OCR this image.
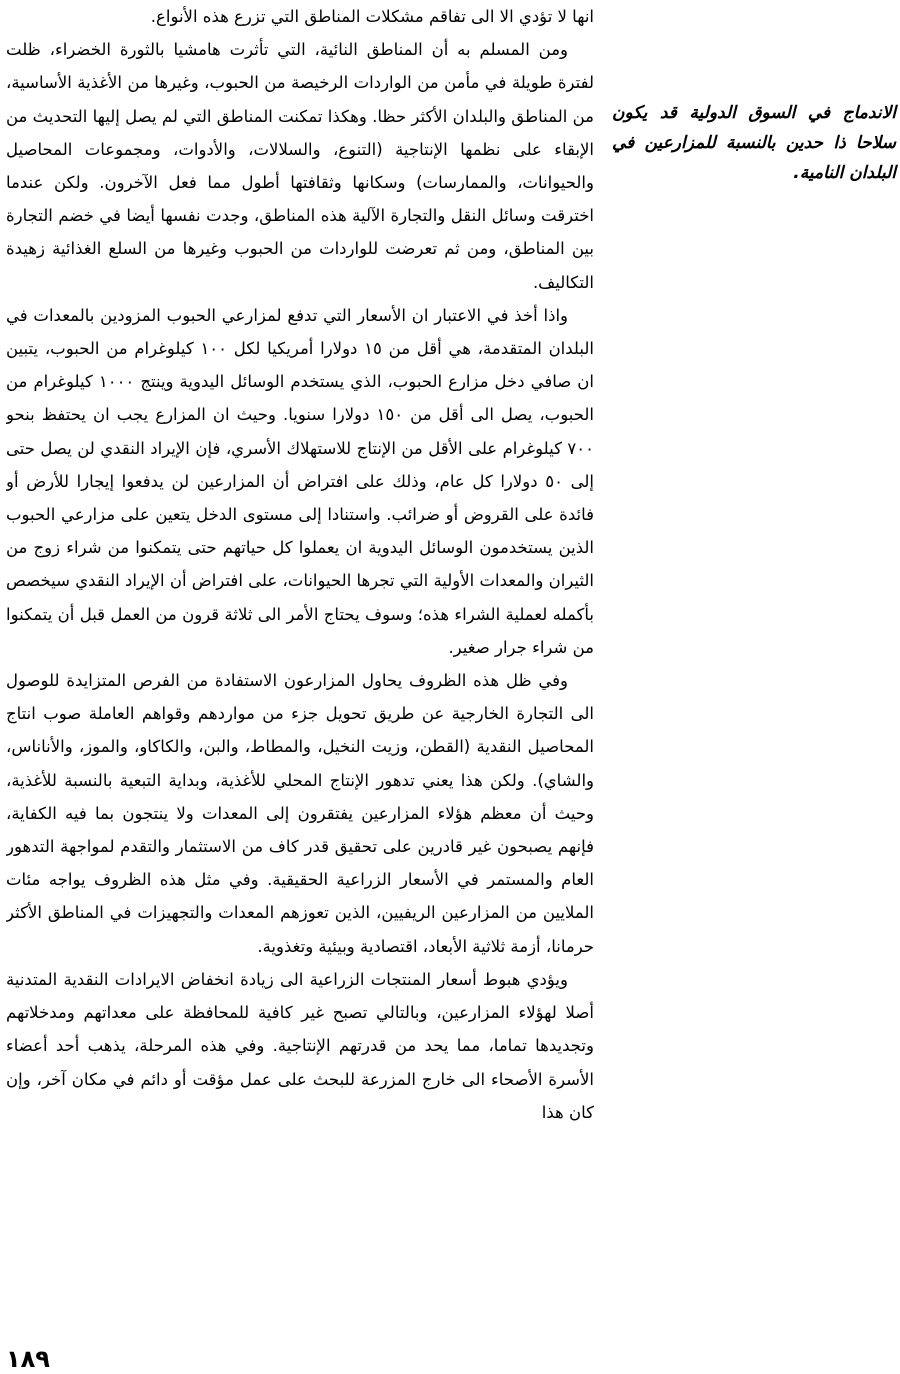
انها لا تؤدي الا الى تفاقم مشكلات المناطق التي تزرع هذه الأنواع.

ومن المسلم به أن المناطق النائية، التي تأثرت هامشيا بالثورة الخضراء، ظلت لفترة طويلة في مأمن من الواردات الرخيصة من الحبوب، وغيرها من الأغذية الأساسية، من المناطق والبلدان الأكثر حظا. وهكذا تمكنت المناطق التي لم يصل إليها التحديث من الإبقاء على نظمها الإنتاجية (التنوع، والسلالات، والأدوات، ومجموعات المحاصيل والحيوانات، والممارسات) وسكانها وثقافتها أطول مما فعل الآخرون. ولكن عندما اخترقت وسائل النقل والتجارة الآلية هذه المناطق، وجدت نفسها أيضا في خضم التجارة بين المناطق، ومن ثم تعرضت للواردات من الحبوب وغيرها من السلع الغذائية زهيدة التكاليف.

واذا أخذ في الاعتبار ان الأسعار التي تدفع لمزارعي الحبوب المزودين بالمعدات في البلدان المتقدمة، هي أقل من ١٥ دولارا أمريكيا لكل ١٠٠ كيلوغرام من الحبوب، يتبين ان صافي دخل مزارع الحبوب، الذي يستخدم الوسائل اليدوية وينتج ١٠٠٠ كيلوغرام من الحبوب، يصل الى أقل من ١٥٠ دولارا سنويا. وحيث ان المزارع يجب ان يحتفظ بنحو ٧٠٠ كيلوغرام على الأقل من الإنتاج للاستهلاك الأسري، فإن الإيراد النقدي لن يصل حتى إلى ٥٠ دولارا كل عام، وذلك على افتراض أن المزارعين لن يدفعوا إيجارا للأرض أو فائدة على القروض أو ضرائب. واستنادا إلى مستوى الدخل يتعين على مزارعي الحبوب الذين يستخدمون الوسائل اليدوية ان يعملوا كل حياتهم حتى يتمكنوا من شراء زوج من الثيران والمعدات الأولية التي تجرها الحيوانات، على افتراض أن الإيراد النقدي سيخصص بأكمله لعملية الشراء هذه؛ وسوف يحتاج الأمر الى ثلاثة قرون من العمل قبل أن يتمكنوا من شراء جرار صغير.

وفي ظل هذه الظروف يحاول المزارعون الاستفادة من الفرص المتزايدة للوصول الى التجارة الخارجية عن طريق تحويل جزء من مواردهم وقواهم العاملة صوب انتاج المحاصيل النقدية (القطن، وزيت النخيل، والمطاط، والبن، والكاكاو، والموز، والأناناس، والشاي). ولكن هذا يعني تدهور الإنتاج المحلي للأغذية، وبداية التبعية بالنسبة للأغذية، وحيث أن معظم هؤلاء المزارعين يفتقرون إلى المعدات ولا ينتجون بما فيه الكفاية، فإنهم يصبحون غير قادرين على تحقيق قدر كاف من الاستثمار والتقدم لمواجهة التدهور العام والمستمر في الأسعار الزراعية الحقيقية. وفي مثل هذه الظروف يواجه مئات الملايين من المزارعين الريفيين، الذين تعوزهم المعدات والتجهيزات في المناطق الأكثر حرمانا، أزمة ثلاثية الأبعاد، اقتصادية وبيئية وتغذوية.

ويؤدي هبوط أسعار المنتجات الزراعية الى زيادة انخفاض الايرادات النقدية المتدنية أصلا لهؤلاء المزارعين، وبالتالي تصبح غير كافية للمحافظة على معداتهم ومدخلاتهم وتجديدها تماما، مما يحد من قدرتهم الإنتاجية. وفي هذه المرحلة، يذهب أحد أعضاء الأسرة الأصحاء الى خارج المزرعة للبحث على عمل مؤقت أو دائم في مكان آخر، وإن كان هذا

الاندماج في السوق الدولية قد يكون سلاحا ذا حدين بالنسبة للمزارعين في البلدان النامية.
١٨٩
